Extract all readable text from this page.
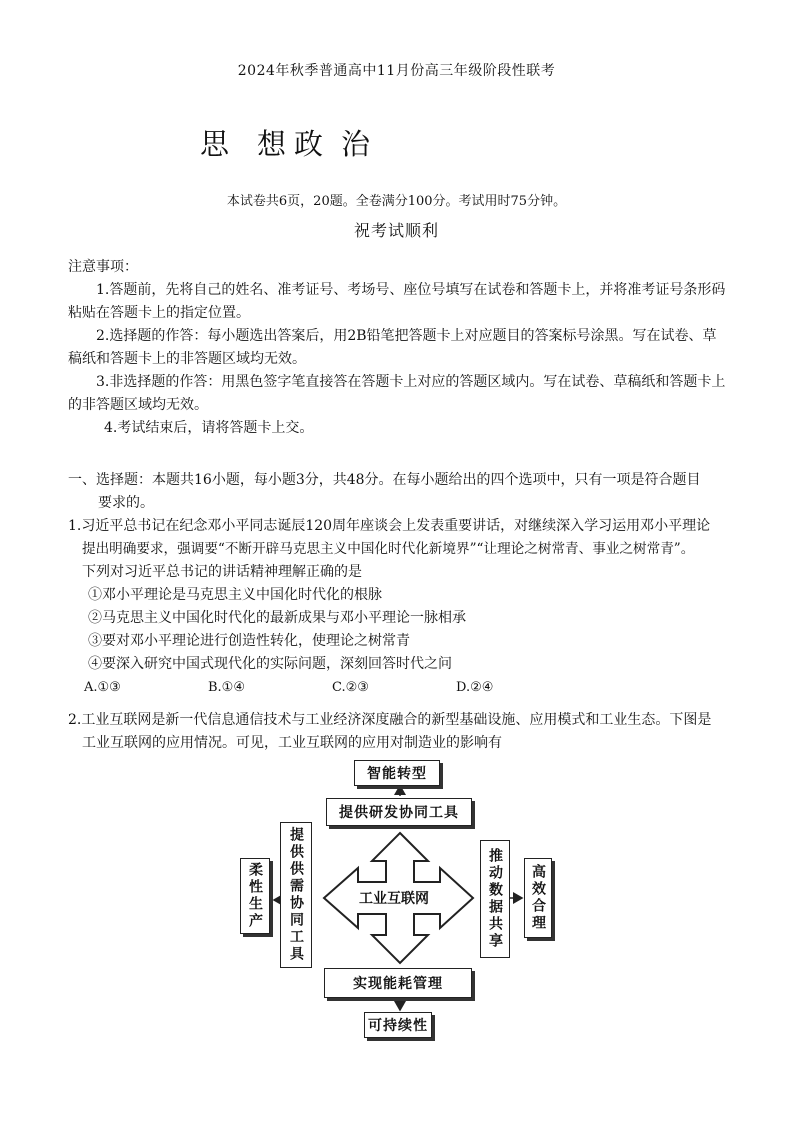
2024年秋季普通高中11月份高三年级阶段性联考
思 想 政 治
本试卷共6页，20题。全卷满分100分。考试用时75分钟。
祝考试顺利
注意事项：
1.答题前，先将自己的姓名、准考证号、考场号、座位号填写在试卷和答题卡上，并将准考证号条形码粘贴在答题卡上的指定位置。
2.选择题的作答：每小题选出答案后，用2B铅笔把答题卡上对应题目的答案标号涂黑。写在试卷、草稿纸和答题卡上的非答题区域均无效。
3.非选择题的作答：用黑色签字笔直接答在答题卡上对应的答题区域内。写在试卷、草稿纸和答题卡上的非答题区域均无效。
4.考试结束后，请将答题卡上交。
一、选择题：本题共16小题，每小题3分，共48分。在每小题给出的四个选项中，只有一项是符合题目
要求的。
1.习近平总书记在纪念邓小平同志诞辰120周年座谈会上发表重要讲话，对继续深入学习运用邓小平理论
提出明确要求，强调要“不断开辟马克思主义中国化时代化新境界”“让理论之树常青、事业之树常青”。
下列对习近平总书记的讲话精神理解正确的是
①邓小平理论是马克思主义中国化时代化的根脉
②马克思主义中国化时代化的最新成果与邓小平理论一脉相承
③要对邓小平理论进行创造性转化，使理论之树常青
④要深入研究中国式现代化的实际问题，深刻回答时代之问
A.①③	B.①④	C.②③	D.②④
2.工业互联网是新一代信息通信技术与工业经济深度融合的新型基础设施、应用模式和工业生态。下图是
工业互联网的应用情况。可见，工业互联网的应用对制造业的影响有
智能转型
提供研发协同工具
提供供需协同工具
柔性生产	推动数据共享	高效合理
实现能耗管理
可持续性
工业互联网
